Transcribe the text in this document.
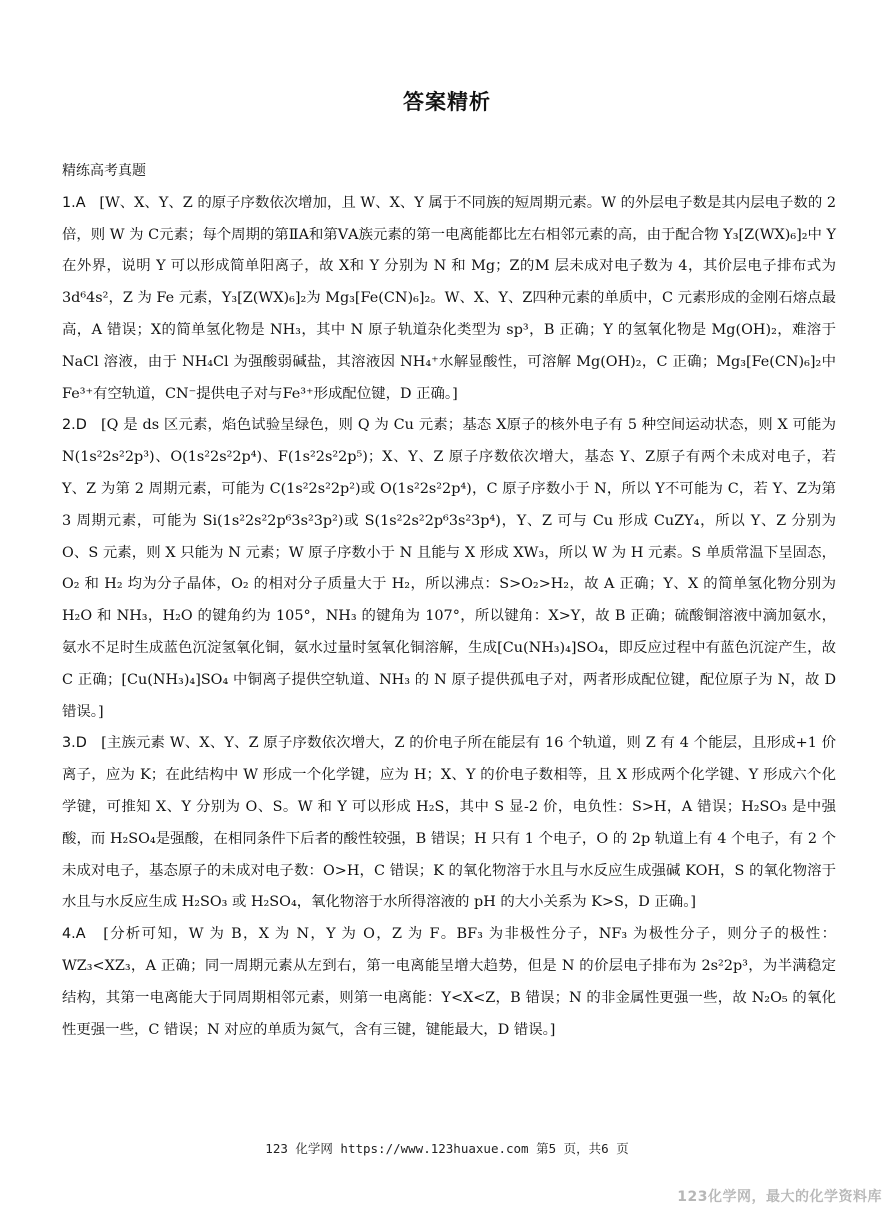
答案精析

精练高考真题

1.A [W、X、Y、Z 的原子序数依次增加，且 W、X、Y 属于不同族的短周期元素。W 的外层电子数是其内层电子数的 2 倍，则 W 为 C元素；每个周期的第ⅡA和第ⅤA族元素的第一电离能都比左右相邻元素的高，由于配合物 Y₃[Z(WX)₆]₂中 Y 在外界，说明 Y 可以形成简单阳离子，故 X和 Y 分别为 N 和 Mg；Z的M 层未成对电子数为 4，其价层电子排布式为 3d⁶4s²，Z 为 Fe 元素，Y₃[Z(WX)₆]₂为 Mg₃[Fe(CN)₆]₂。W、X、Y、Z四种元素的单质中，C 元素形成的金刚石熔点最高，A 错误；X的简单氢化物是 NH₃，其中 N 原子轨道杂化类型为 sp³，B 正确；Y 的氢氧化物是 Mg(OH)₂，难溶于 NaCl 溶液，由于 NH₄Cl 为强酸弱碱盐，其溶液因 NH₄⁺水解显酸性，可溶解 Mg(OH)₂，C 正确；Mg₃[Fe(CN)₆]₂中 Fe³⁺有空轨道，CN⁻提供电子对与Fe³⁺形成配位键，D 正确。]

2.D [Q 是 ds 区元素，焰色试验呈绿色，则 Q 为 Cu 元素；基态 X原子的核外电子有 5 种空间运动状态，则 X 可能为 N(1s²2s²2p³)、O(1s²2s²2p⁴)、F(1s²2s²2p⁵)；X、Y、Z 原子序数依次增大，基态 Y、Z原子有两个未成对电子，若 Y、Z 为第 2 周期元素，可能为 C(1s²2s²2p²)或 O(1s²2s²2p⁴)，C 原子序数小于 N，所以 Y不可能为 C，若 Y、Z为第 3 周期元素，可能为 Si(1s²2s²2p⁶3s²3p²)或 S(1s²2s²2p⁶3s²3p⁴)，Y、Z 可与 Cu 形成 CuZY₄，所以 Y、Z 分别为 O、S 元素，则 X 只能为 N 元素；W 原子序数小于 N 且能与 X 形成 XW₃，所以 W 为 H 元素。S 单质常温下呈固态，O₂ 和 H₂ 均为分子晶体，O₂ 的相对分子质量大于 H₂，所以沸点：S>O₂>H₂，故 A 正确；Y、X 的简单氢化物分别为 H₂O 和 NH₃，H₂O 的键角约为 105°，NH₃ 的键角为 107°，所以键角：X>Y，故 B 正确；硫酸铜溶液中滴加氨水，氨水不足时生成蓝色沉淀氢氧化铜，氨水过量时氢氧化铜溶解，生成[Cu(NH₃)₄]SO₄，即反应过程中有蓝色沉淀产生，故 C 正确；[Cu(NH₃)₄]SO₄ 中铜离子提供空轨道、NH₃ 的 N 原子提供孤电子对，两者形成配位键，配位原子为 N，故 D 错误。]

3.D [主族元素 W、X、Y、Z 原子序数依次增大，Z 的价电子所在能层有 16 个轨道，则 Z 有 4 个能层，且形成+1 价离子，应为 K；在此结构中 W 形成一个化学键，应为 H；X、Y 的价电子数相等，且 X 形成两个化学键、Y 形成六个化学键，可推知 X、Y 分别为 O、S。W 和 Y 可以形成 H₂S，其中 S 显-2 价，电负性：S>H，A 错误；H₂SO₃ 是中强酸，而 H₂SO₄是强酸，在相同条件下后者的酸性较强，B 错误；H 只有 1 个电子，O 的 2p 轨道上有 4 个电子，有 2 个未成对电子，基态原子的未成对电子数：O>H，C 错误；K 的氧化物溶于水且与水反应生成强碱 KOH，S 的氧化物溶于水且与水反应生成 H₂SO₃ 或 H₂SO₄，氧化物溶于水所得溶液的 pH 的大小关系为 K>S，D 正确。]

4.A [分析可知，W 为 B，X 为 N，Y 为 O，Z 为 F。BF₃ 为非极性分子，NF₃ 为极性分子，则分子的极性：WZ₃<XZ₃，A 正确；同一周期元素从左到右，第一电离能呈增大趋势，但是 N 的价层电子排布为 2s²2p³，为半满稳定结构，其第一电离能大于同周期相邻元素，则第一电离能：Y<X<Z，B 错误；N 的非金属性更强一些，故 N₂O₅ 的氧化性更强一些，C 错误；N 对应的单质为氮气，含有三键，键能最大，D 错误。]

123 化学网 https://www.123huaxue.com 第5 页，共6 页
123化学网，最大的化学资料库
